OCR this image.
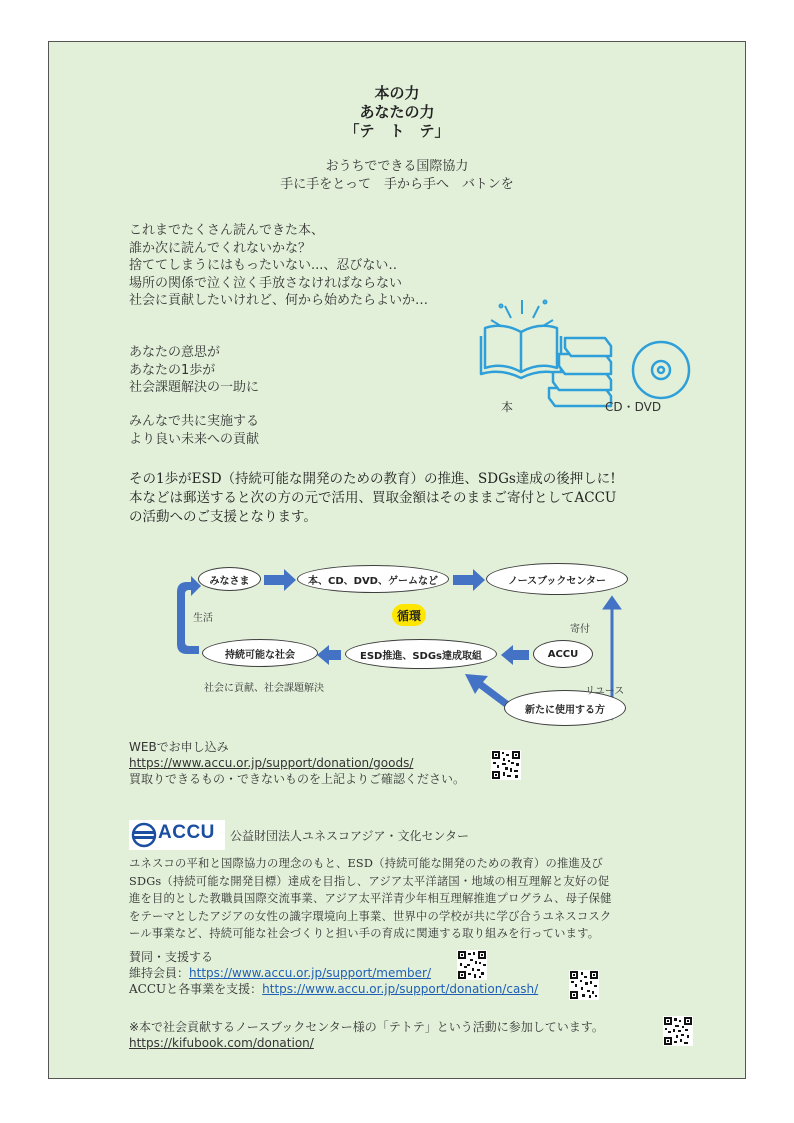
本の力
あなたの力
「テ　ト　テ」
おうちでできる国際協力
手に手をとって　手から手へ　バトンを
これまでたくさん読んできた本、
誰か次に読んでくれないかな？
捨ててしまうにはもったいない...、忍びない‥
場所の関係で泣く泣く手放さなければならない
社会に貢献したいけれど、何から始めたらよいか…
あなたの意思が
あなたの1歩が
社会課題解決の一助に
みんなで共に実施する
より良い未来への貢献
本	CD・DVD
その1歩がESD（持続可能な開発のための教育）の推進、SDGs達成の後押しに!
本などは郵送すると次の方の元で活用、買取金額はそのままご寄付としてACCU
の活動へのご支援となります。
みなさま	本、CD、DVD、ゲームなど	ノースブックセンター
循環
ACCU
ESD推進、SDGs達成取組
持続可能な社会
新たに使用する方
生活
寄付
リユース
社会に貢献、社会課題解決
WEBでお申し込み
https://www.accu.or.jp/support/donation/goods/
買取りできるもの・できないものを上記よりご確認ください。
ACCU 公益財団法人ユネスコアジア・文化センター
ユネスコの平和と国際協力の理念のもと、ESD（持続可能な開発のための教育）の推進及び
SDGs（持続可能な開発目標）達成を目指し、アジア太平洋諸国・地域の相互理解と友好の促
進を目的とした教職員国際交流事業、アジア太平洋青少年相互理解推進プログラム、母子保健
をテーマとしたアジアの女性の識字環境向上事業、世界中の学校が共に学び合うユネスコスク
ール事業など、持続可能な社会づくりと担い手の育成に関連する取り組みを行っています。
賛同・支援する
維持会員：https://www.accu.or.jp/support/member/
ACCUと各事業を支援：https://www.accu.or.jp/support/donation/cash/
※本で社会貢献するノースブックセンター様の「テトテ」という活動に参加しています。
https://kifubook.com/donation/
